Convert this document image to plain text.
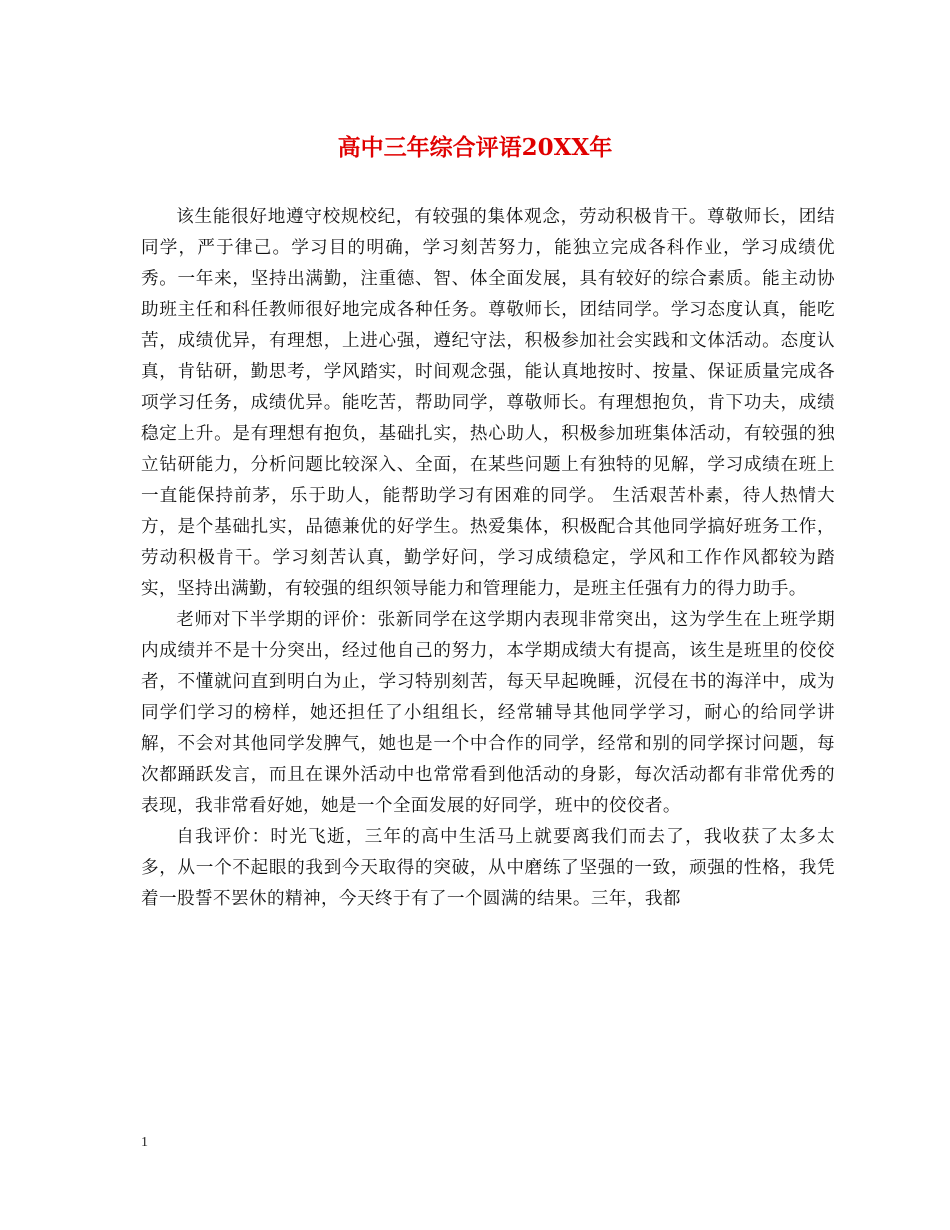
高中三年综合评语20XX年

该生能很好地遵守校规校纪，有较强的集体观念，劳动积极肯干。尊敬师长，团结同学，严于律己。学习目的明确，学习刻苦努力，能独立完成各科作业，学习成绩优秀。一年来，坚持出满勤，注重德、智、体全面发展，具有较好的综合素质。能主动协助班主任和科任教师很好地完成各种任务。尊敬师长，团结同学。学习态度认真，能吃苦，成绩优异，有理想，上进心强，遵纪守法，积极参加社会实践和文体活动。态度认真，肯钻研，勤思考，学风踏实，时间观念强，能认真地按时、按量、保证质量完成各项学习任务，成绩优异。能吃苦，帮助同学，尊敬师长。有理想抱负，肯下功夫，成绩稳定上升。是有理想有抱负，基础扎实，热心助人，积极参加班集体活动，有较强的独立钻研能力，分析问题比较深入、全面，在某些问题上有独特的见解，学习成绩在班上一直能保持前茅，乐于助人，能帮助学习有困难的同学。 生活艰苦朴素，待人热情大方，是个基础扎实，品德兼优的好学生。热爱集体，积极配合其他同学搞好班务工作，劳动积极肯干。学习刻苦认真，勤学好问，学习成绩稳定，学风和工作作风都较为踏实，坚持出满勤，有较强的组织领导能力和管理能力，是班主任强有力的得力助手。

老师对下半学期的评价：张新同学在这学期内表现非常突出，这为学生在上班学期内成绩并不是十分突出，经过他自己的努力，本学期成绩大有提高，该生是班里的佼佼者，不懂就问直到明白为止，学习特别刻苦，每天早起晚睡，沉侵在书的海洋中，成为同学们学习的榜样，她还担任了小组组长，经常辅导其他同学学习，耐心的给同学讲解，不会对其他同学发脾气，她也是一个中合作的同学，经常和别的同学探讨问题，每次都踊跃发言，而且在课外活动中也常常看到他活动的身影，每次活动都有非常优秀的表现，我非常看好她，她是一个全面发展的好同学，班中的佼佼者。

自我评价：时光飞逝，三年的高中生活马上就要离我们而去了，我收获了太多太多，从一个不起眼的我到今天取得的突破，从中磨练了坚强的一致，顽强的性格，我凭着一股誓不罢休的精神，今天终于有了一个圆满的结果。三年，我都

1
